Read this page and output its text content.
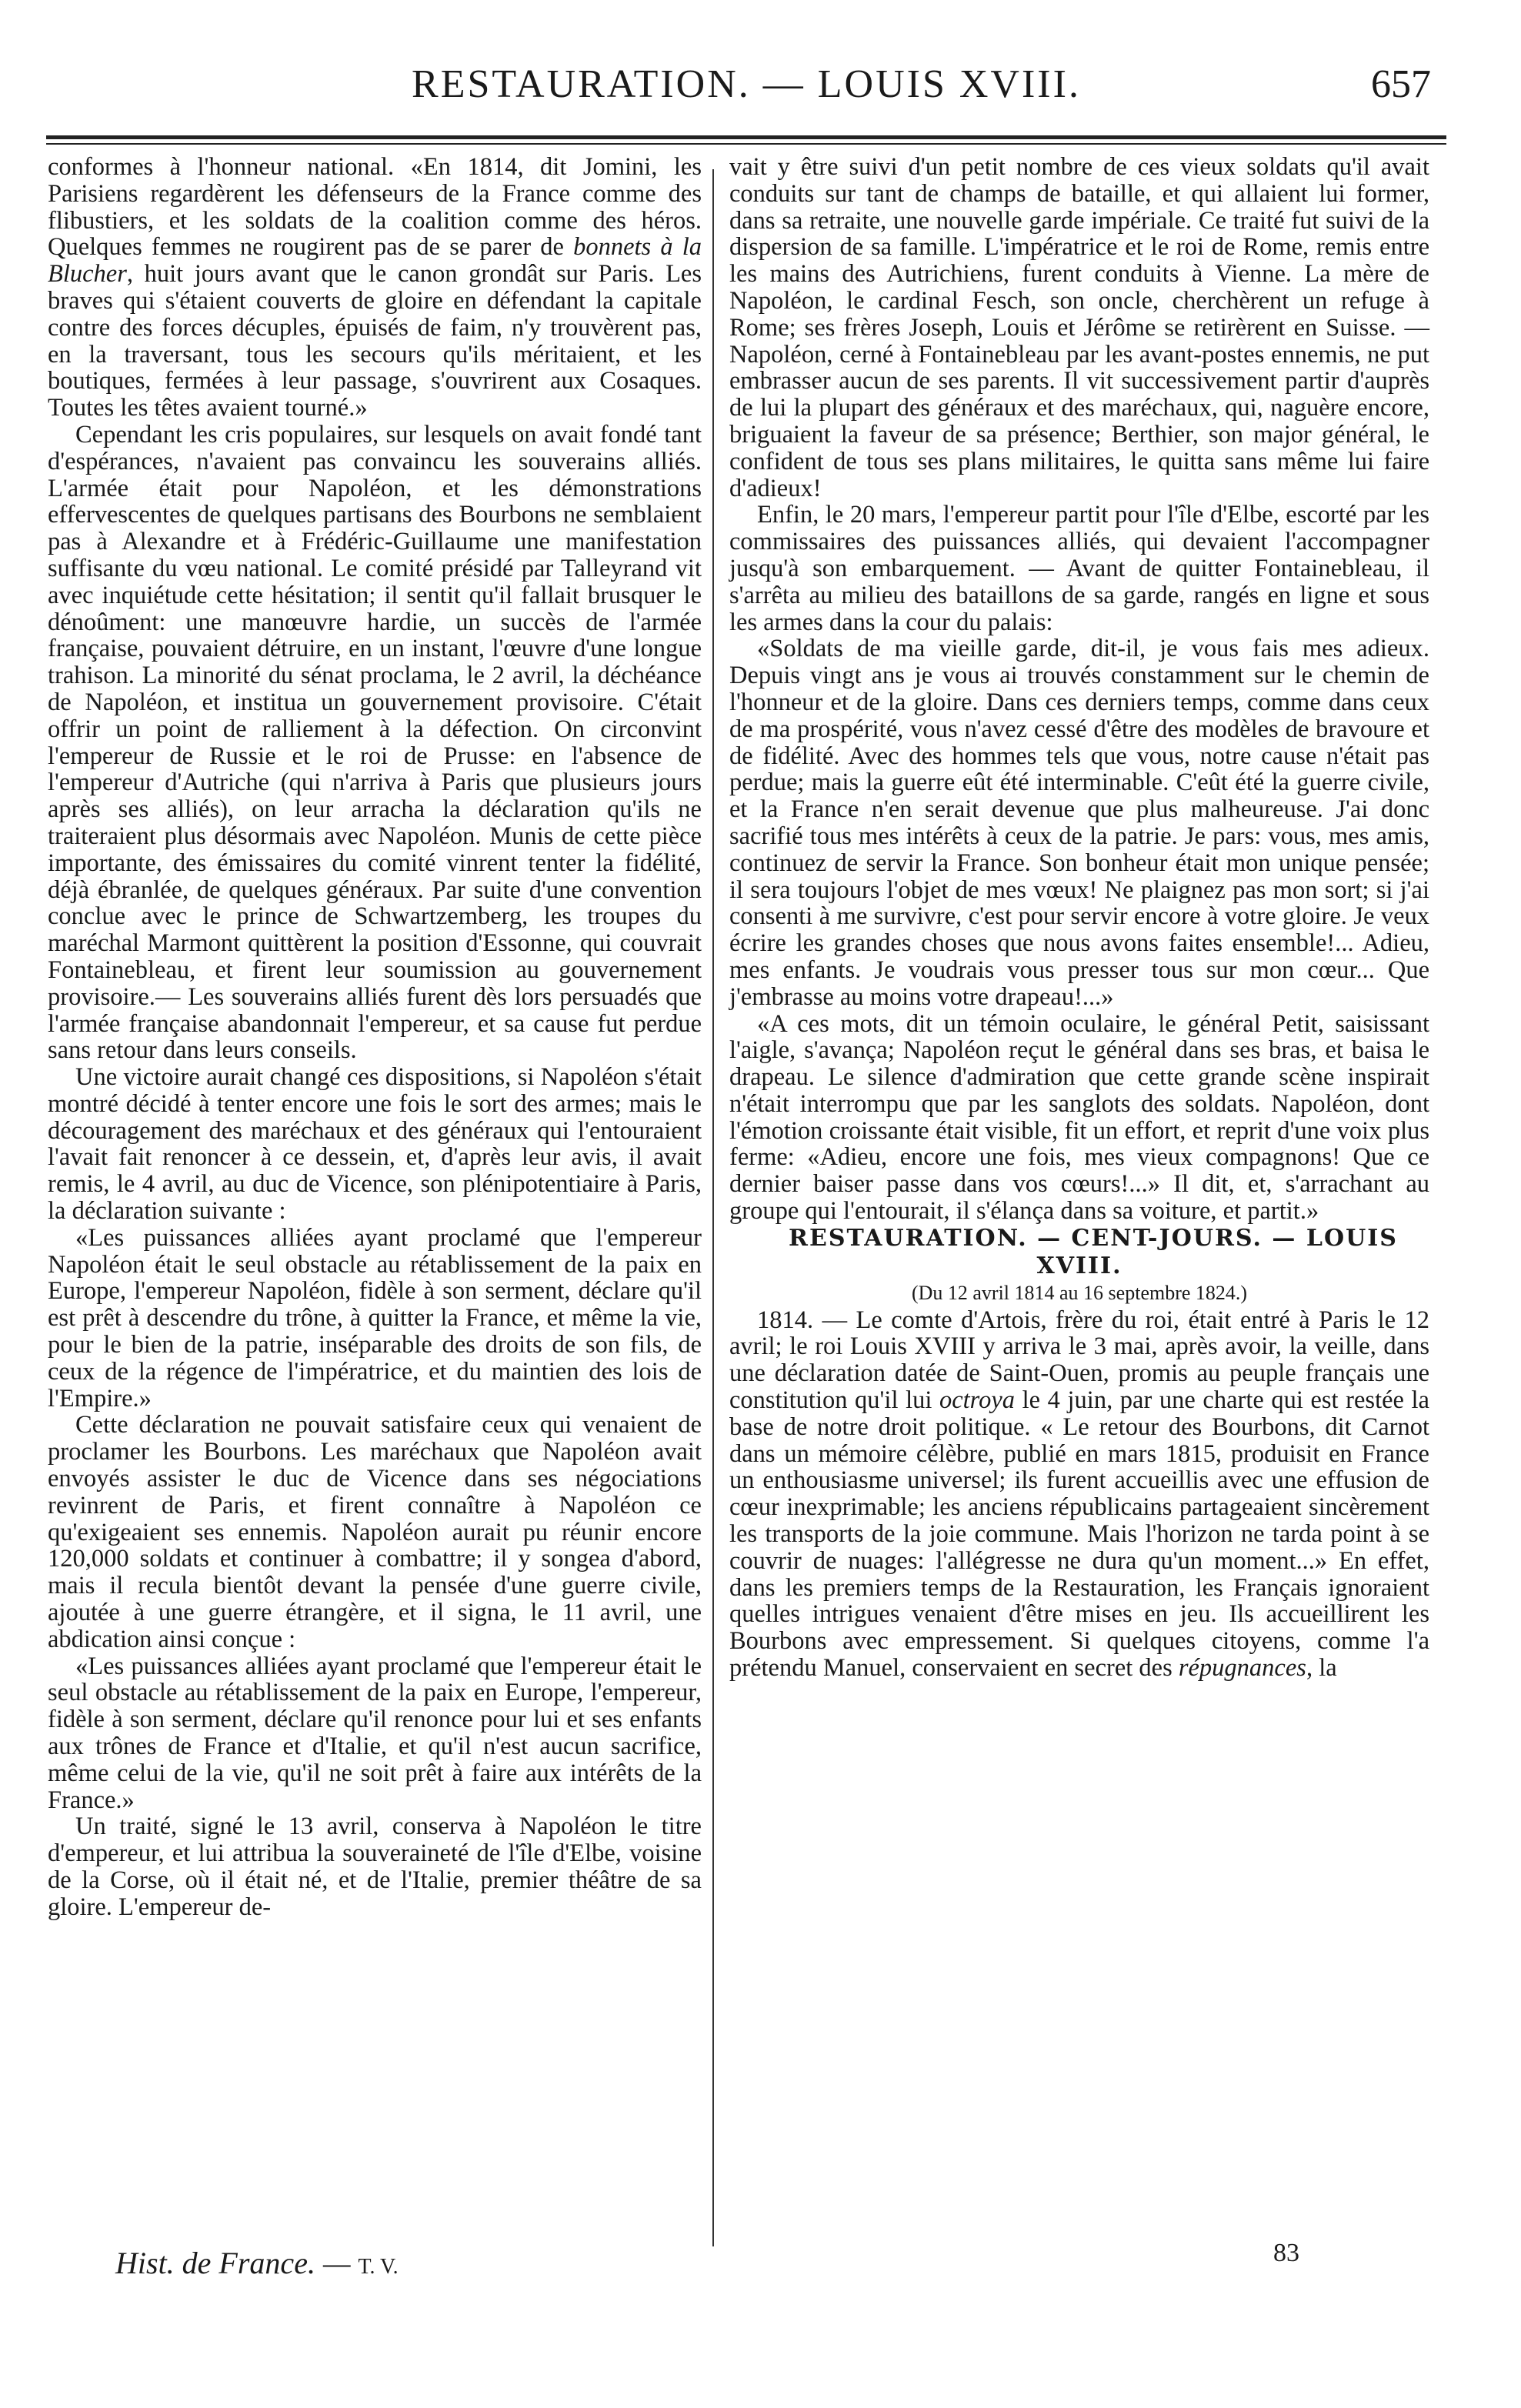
RESTAURATION. — LOUIS XVIII.	657

conformes à l'honneur national. «En 1814, dit Jomini, les Parisiens regardèrent les défenseurs de la France comme des flibustiers, et les soldats de la coalition comme des héros. Quelques femmes ne rougirent pas de se parer de bonnets à la Blucher, huit jours avant que le canon grondât sur Paris. Les braves qui s'étaient couverts de gloire en défendant la capitale contre des forces décuples, épuisés de faim, n'y trouvèrent pas, en la traversant, tous les secours qu'ils méritaient, et les boutiques, fermées à leur passage, s'ouvrirent aux Cosaques. Toutes les têtes avaient tourné.»

Cependant les cris populaires, sur lesquels on avait fondé tant d'espérances, n'avaient pas convaincu les souverains alliés. L'armée était pour Napoléon, et les démonstrations effervescentes de quelques partisans des Bourbons ne semblaient pas à Alexandre et à Frédéric-Guillaume une manifestation suffisante du vœu national. Le comité présidé par Talleyrand vit avec inquiétude cette hésitation; il sentit qu'il fallait brusquer le dénoûment: une manœuvre hardie, un succès de l'armée française, pouvaient détruire, en un instant, l'œuvre d'une longue trahison. La minorité du sénat proclama, le 2 avril, la déchéance de Napoléon, et institua un gouvernement provisoire. C'était offrir un point de ralliement à la défection. On circonvint l'empereur de Russie et le roi de Prusse: en l'absence de l'empereur d'Autriche (qui n'arriva à Paris que plusieurs jours après ses alliés), on leur arracha la déclaration qu'ils ne traiteraient plus désormais avec Napoléon. Munis de cette pièce importante, des émissaires du comité vinrent tenter la fidélité, déjà ébranlée, de quelques généraux. Par suite d'une convention conclue avec le prince de Schwartzemberg, les troupes du maréchal Marmont quittèrent la position d'Essonne, qui couvrait Fontainebleau, et firent leur soumission au gouvernement provisoire.— Les souverains alliés furent dès lors persuadés que l'armée française abandonnait l'empereur, et sa cause fut perdue sans retour dans leurs conseils.

Une victoire aurait changé ces dispositions, si Napoléon s'était montré décidé à tenter encore une fois le sort des armes; mais le découragement des maréchaux et des généraux qui l'entouraient l'avait fait renoncer à ce dessein, et, d'après leur avis, il avait remis, le 4 avril, au duc de Vicence, son plénipotentiaire à Paris, la déclaration suivante :

«Les puissances alliées ayant proclamé que l'empereur Napoléon était le seul obstacle au rétablissement de la paix en Europe, l'empereur Napoléon, fidèle à son serment, déclare qu'il est prêt à descendre du trône, à quitter la France, et même la vie, pour le bien de la patrie, inséparable des droits de son fils, de ceux de la régence de l'impératrice, et du maintien des lois de l'Empire.»

Cette déclaration ne pouvait satisfaire ceux qui venaient de proclamer les Bourbons. Les maréchaux que Napoléon avait envoyés assister le duc de Vicence dans ses négociations revinrent de Paris, et firent connaître à Napoléon ce qu'exigeaient ses ennemis. Napoléon aurait pu réunir encore 120,000 soldats et continuer à combattre; il y songea d'abord, mais il recula bientôt devant la pensée d'une guerre civile, ajoutée à une guerre étrangère, et il signa, le 11 avril, une abdication ainsi conçue :

«Les puissances alliées ayant proclamé que l'empereur était le seul obstacle au rétablissement de la paix en Europe, l'empereur, fidèle à son serment, déclare qu'il renonce pour lui et ses enfants aux trônes de France et d'Italie, et qu'il n'est aucun sacrifice, même celui de la vie, qu'il ne soit prêt à faire aux intérêts de la France.»

Un traité, signé le 13 avril, conserva à Napoléon le titre d'empereur, et lui attribua la souveraineté de l'île d'Elbe, voisine de la Corse, où il était né, et de l'Italie, premier théâtre de sa gloire. L'empereur de-

vait y être suivi d'un petit nombre de ces vieux soldats qu'il avait conduits sur tant de champs de bataille, et qui allaient lui former, dans sa retraite, une nouvelle garde impériale. Ce traité fut suivi de la dispersion de sa famille. L'impératrice et le roi de Rome, remis entre les mains des Autrichiens, furent conduits à Vienne. La mère de Napoléon, le cardinal Fesch, son oncle, cherchèrent un refuge à Rome; ses frères Joseph, Louis et Jérôme se retirèrent en Suisse. — Napoléon, cerné à Fontainebleau par les avant-postes ennemis, ne put embrasser aucun de ses parents. Il vit successivement partir d'auprès de lui la plupart des généraux et des maréchaux, qui, naguère encore, briguaient la faveur de sa présence; Berthier, son major général, le confident de tous ses plans militaires, le quitta sans même lui faire d'adieux!

Enfin, le 20 mars, l'empereur partit pour l'île d'Elbe, escorté par les commissaires des puissances alliés, qui devaient l'accompagner jusqu'à son embarquement. — Avant de quitter Fontainebleau, il s'arrêta au milieu des bataillons de sa garde, rangés en ligne et sous les armes dans la cour du palais:

«Soldats de ma vieille garde, dit-il, je vous fais mes adieux. Depuis vingt ans je vous ai trouvés constamment sur le chemin de l'honneur et de la gloire. Dans ces derniers temps, comme dans ceux de ma prospérité, vous n'avez cessé d'être des modèles de bravoure et de fidélité. Avec des hommes tels que vous, notre cause n'était pas perdue; mais la guerre eût été interminable. C'eût été la guerre civile, et la France n'en serait devenue que plus malheureuse. J'ai donc sacrifié tous mes intérêts à ceux de la patrie. Je pars: vous, mes amis, continuez de servir la France. Son bonheur était mon unique pensée; il sera toujours l'objet de mes vœux! Ne plaignez pas mon sort; si j'ai consenti à me survivre, c'est pour servir encore à votre gloire. Je veux écrire les grandes choses que nous avons faites ensemble!... Adieu, mes enfants. Je voudrais vous presser tous sur mon cœur... Que j'embrasse au moins votre drapeau!...»

«A ces mots, dit un témoin oculaire, le général Petit, saisissant l'aigle, s'avança; Napoléon reçut le général dans ses bras, et baisa le drapeau. Le silence d'admiration que cette grande scène inspirait n'était interrompu que par les sanglots des soldats. Napoléon, dont l'émotion croissante était visible, fit un effort, et reprit d'une voix plus ferme: «Adieu, encore une fois, mes vieux compagnons! Que ce dernier baiser passe dans vos cœurs!...» Il dit, et, s'arrachant au groupe qui l'entourait, il s'élança dans sa voiture, et partit.»

RESTAURATION. — CENT-JOURS. — LOUIS XVIII.

(Du 12 avril 1814 au 16 septembre 1824.)

1814. — Le comte d'Artois, frère du roi, était entré à Paris le 12 avril; le roi Louis XVIII y arriva le 3 mai, après avoir, la veille, dans une déclaration datée de Saint-Ouen, promis au peuple français une constitution qu'il lui octroya le 4 juin, par une charte qui est restée la base de notre droit politique. « Le retour des Bourbons, dit Carnot dans un mémoire célèbre, publié en mars 1815, produisit en France un enthousiasme universel; ils furent accueillis avec une effusion de cœur inexprimable; les anciens républicains partageaient sincèrement les transports de la joie commune. Mais l'horizon ne tarda point à se couvrir de nuages: l'allégresse ne dura qu'un moment...» En effet, dans les premiers temps de la Restauration, les Français ignoraient quelles intrigues venaient d'être mises en jeu. Ils accueillirent les Bourbons avec empressement. Si quelques citoyens, comme l'a prétendu Manuel, conservaient en secret des répugnances, la

Hist. de France. — T. V.	83
